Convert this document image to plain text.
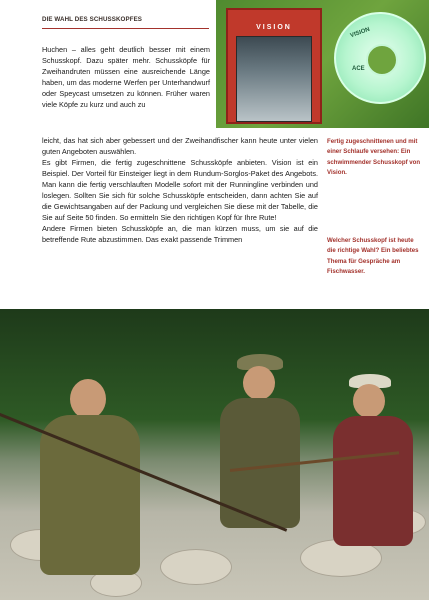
DIE WAHL DES SCHUSSKOPFES
VISION	VISION
ACE

Huchen – alles geht deutlich besser mit einem Schusskopf. Dazu später mehr. Schussköpfe für Zweihandruten müssen eine ausreichende Länge haben, um das moderne Werfen per Unterhandwurf oder Speycast umsetzen zu können. Früher waren viele Köpfe zu kurz und auch zu

leicht, das hat sich aber gebessert und der Zweihandfischer kann heute unter vielen guten Angeboten auswählen.

Es gibt Firmen, die fertig zugeschnittene Schussköpfe anbieten. Vision ist ein Beispiel. Der Vorteil für Einsteiger liegt in dem Rundum-Sorglos-Paket des Angebots. Man kann die fertig verschlauften Modelle sofort mit der Runningline verbinden und loslegen. Sollten Sie sich für solche Schussköpfe entscheiden, dann achten Sie auf die Gewichtsangaben auf der Packung und vergleichen Sie diese mit der Tabelle, die Sie auf Seite 50 finden. So ermitteln Sie den richtigen Kopf für Ihre Rute!

Andere Firmen bieten Schussköpfe an, die man kürzen muss, um sie auf die betreffende Rute abzustimmen. Das exakt passende Trimmen

Fertig zugeschnittenen und mit einer Schlaufe versehen: Ein schwimmender Schusskopf von Vision.
Welcher Schusskopf ist heute die richtige Wahl? Ein beliebtes Thema für Gespräche am Fischwasser.
